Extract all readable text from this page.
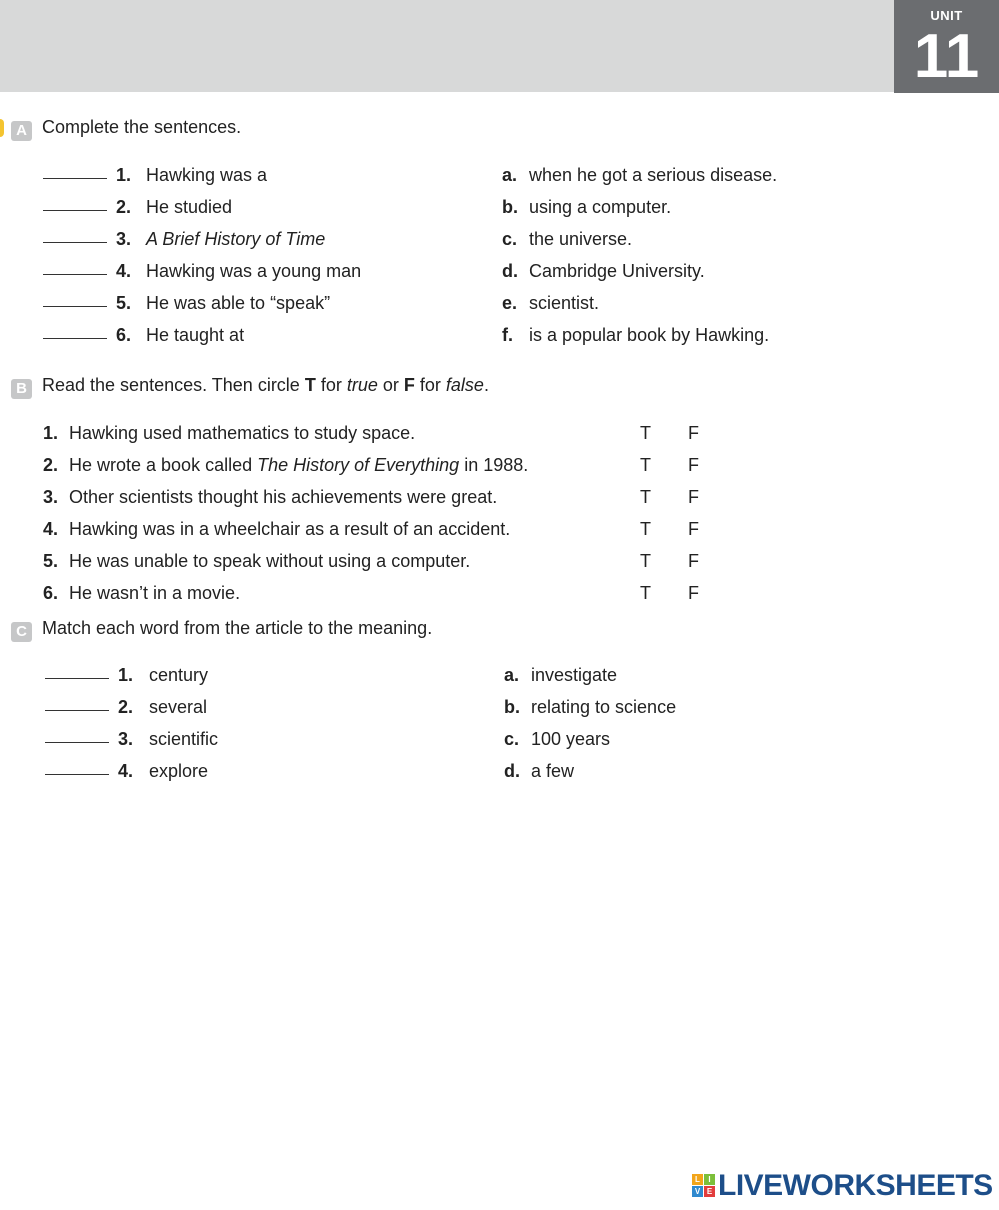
UNIT
11
A Complete the sentences.
1. Hawking was a	a. when he got a serious disease.
2. He studied	b. using a computer.
3. A Brief History of Time	c. the universe.
4. Hawking was a young man	d. Cambridge University.
5. He was able to “speak”	e. scientist.
6. He taught at	f. is a popular book by Hawking.
B Read the sentences. Then circle T for true or F for false.
1. Hawking used mathematics to study space.	T F
2. He wrote a book called The History of Everything in 1988.	T F
3. Other scientists thought his achievements were great.	T F
4. Hawking was in a wheelchair as a result of an accident.	T F
5. He was unable to speak without using a computer.	T F
6. He wasn’t in a movie.	T F
C Match each word from the article to the meaning.
1. century	a. investigate
2. several	b. relating to science
3. scientific	c. 100 years
4. explore	d. a few
L	I
V E LIVEWORKSHEETS
